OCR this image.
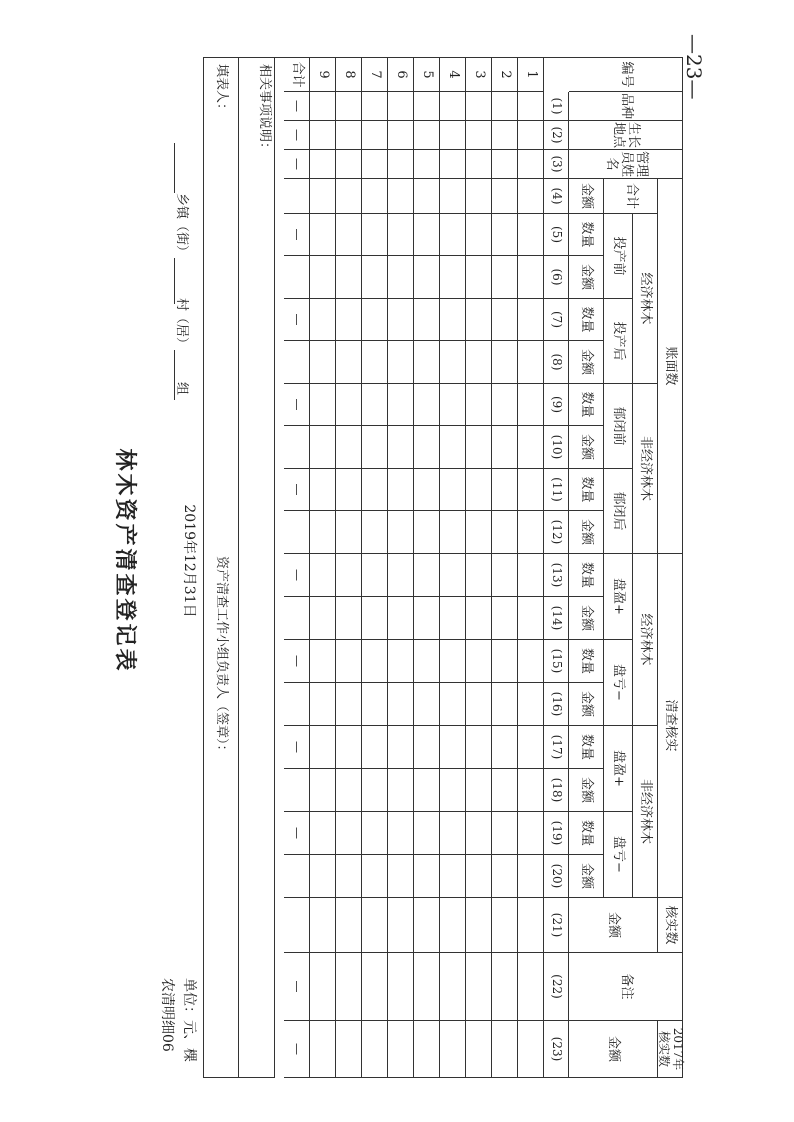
林木资产清查登记表
农清明细06 单位：元、棵
2019年12月31日
乡镇（街）
村（居）
组
编号
品种
生长地点
管理员姓名
账面数
合计
经济林木
非经济林木
投产前
投产后
郁闭前
郁闭后
清查核实
经济林木
非经济林木
盘盈+
盘亏−
盘盈+
盘亏−
核实数
金额
备注
2017年核实数
金额
金额
数量
金额
数量
金额
数量
金额
数量
金额
数量
金额
数量
金额
数量
金额
数量
金额
(1)
(2)
(3)
(4)
(5)
(6)
(7)
(8)
(9)
(10)
(11)
(12)
(13)
(14)
(15)
(16)
(17)
(18)
(19)
(20)
(21)
(22)
(23)
1
2
3
4
5
6
7
8
9
合计
—
—
—
—
—
—
—
—
—
—
—
—
—
相关事项说明：
填表人：
资产清查工作小组负责人（签章）：
—23—
